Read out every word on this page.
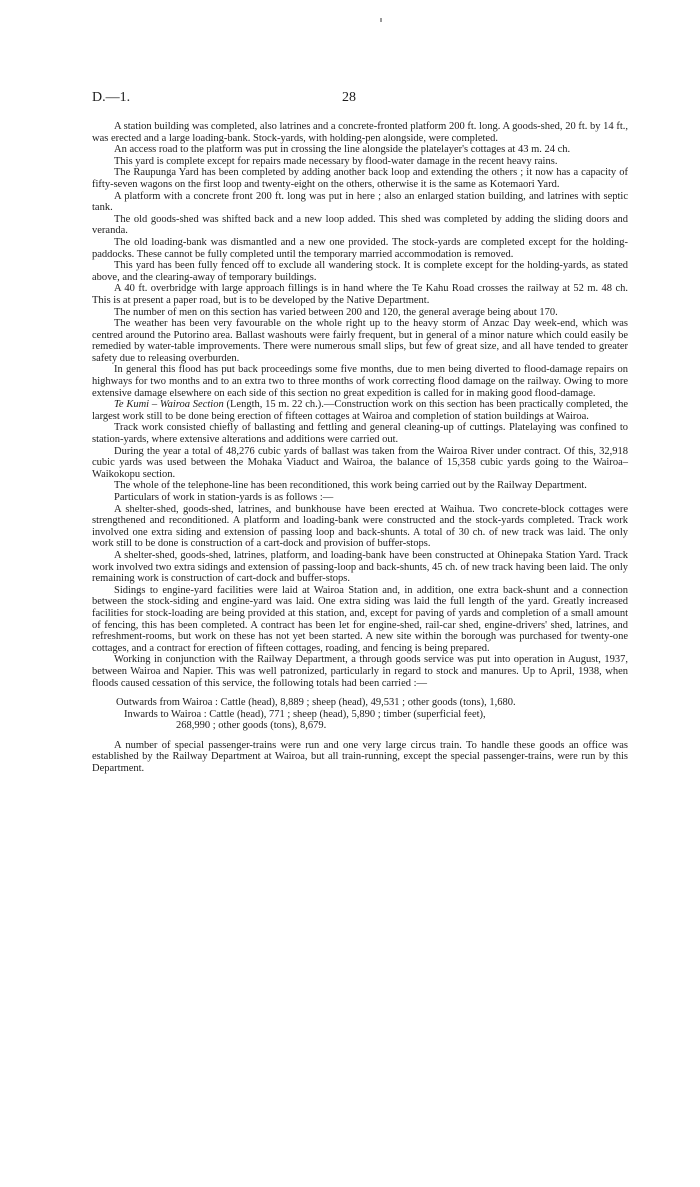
D.—1.	28

A station building was completed, also latrines and a concrete-fronted platform 200 ft. long. A goods-shed, 20 ft. by 14 ft., was erected and a large loading-bank. Stock-yards, with holding-pen alongside, were completed.

An access road to the platform was put in crossing the line alongside the platelayer's cottages at 43 m. 24 ch.

This yard is complete except for repairs made necessary by flood-water damage in the recent heavy rains.

The Raupunga Yard has been completed by adding another back loop and extending the others ; it now has a capacity of fifty-seven wagons on the first loop and twenty-eight on the others, otherwise it is the same as Kotemaori Yard.

A platform with a concrete front 200 ft. long was put in here ; also an enlarged station building, and latrines with septic tank.

The old goods-shed was shifted back and a new loop added. This shed was completed by adding the sliding doors and veranda.

The old loading-bank was dismantled and a new one provided. The stock-yards are completed except for the holding-paddocks. These cannot be fully completed until the temporary married accommodation is removed.

This yard has been fully fenced off to exclude all wandering stock. It is complete except for the holding-yards, as stated above, and the clearing-away of temporary buildings.

A 40 ft. overbridge with large approach fillings is in hand where the Te Kahu Road crosses the railway at 52 m. 48 ch. This is at present a paper road, but is to be developed by the Native Department.

The number of men on this section has varied between 200 and 120, the general average being about 170.

The weather has been very favourable on the whole right up to the heavy storm of Anzac Day week-end, which was centred around the Putorino area. Ballast washouts were fairly frequent, but in general of a minor nature which could easily be remedied by water-table improvements. There were numerous small slips, but few of great size, and all have tended to greater safety due to releasing overburden.

In general this flood has put back proceedings some five months, due to men being diverted to flood-damage repairs on highways for two months and to an extra two to three months of work correcting flood damage on the railway. Owing to more extensive damage elsewhere on each side of this section no great expedition is called for in making good flood-damage.

Te Kumi – Wairoa Section (Length, 15 m. 22 ch.).—Construction work on this section has been practically completed, the largest work still to be done being erection of fifteen cottages at Wairoa and completion of station buildings at Wairoa.

Track work consisted chiefly of ballasting and fettling and general cleaning-up of cuttings. Platelaying was confined to station-yards, where extensive alterations and additions were carried out.

During the year a total of 48,276 cubic yards of ballast was taken from the Wairoa River under contract. Of this, 32,918 cubic yards was used between the Mohaka Viaduct and Wairoa, the balance of 15,358 cubic yards going to the Wairoa–Waikokopu section.

The whole of the telephone-line has been reconditioned, this work being carried out by the Railway Department.

Particulars of work in station-yards is as follows :—

A shelter-shed, goods-shed, latrines, and bunkhouse have been erected at Waihua. Two concrete-block cottages were strengthened and reconditioned. A platform and loading-bank were constructed and the stock-yards completed. Track work involved one extra siding and extension of passing loop and back-shunts. A total of 30 ch. of new track was laid. The only work still to be done is construction of a cart-dock and provision of buffer-stops.

A shelter-shed, goods-shed, latrines, platform, and loading-bank have been constructed at Ohinepaka Station Yard. Track work involved two extra sidings and extension of passing-loop and back-shunts, 45 ch. of new track having been laid. The only remaining work is construction of cart-dock and buffer-stops.

Sidings to engine-yard facilities were laid at Wairoa Station and, in addition, one extra back-shunt and a connection between the stock-siding and engine-yard was laid. One extra siding was laid the full length of the yard. Greatly increased facilities for stock-loading are being provided at this station, and, except for paving of yards and completion of a small amount of fencing, this has been completed. A contract has been let for engine-shed, rail-car shed, engine-drivers' shed, latrines, and refreshment-rooms, but work on these has not yet been started. A new site within the borough was purchased for twenty-one cottages, and a contract for erection of fifteen cottages, roading, and fencing is being prepared.

Working in conjunction with the Railway Department, a through goods service was put into operation in August, 1937, between Wairoa and Napier. This was well patronized, particularly in regard to stock and manures. Up to April, 1938, when floods caused cessation of this service, the following totals had been carried :—

Outwards from Wairoa : Cattle (head), 8,889 ; sheep (head), 49,531 ; other goods (tons), 1,680.
Inwards to Wairoa : Cattle (head), 771 ; sheep (head), 5,890 ; timber (superficial feet),
268,990 ; other goods (tons), 8,679.

A number of special passenger-trains were run and one very large circus train. To handle these goods an office was established by the Railway Department at Wairoa, but all train-running, except the special passenger-trains, were run by this Department.
